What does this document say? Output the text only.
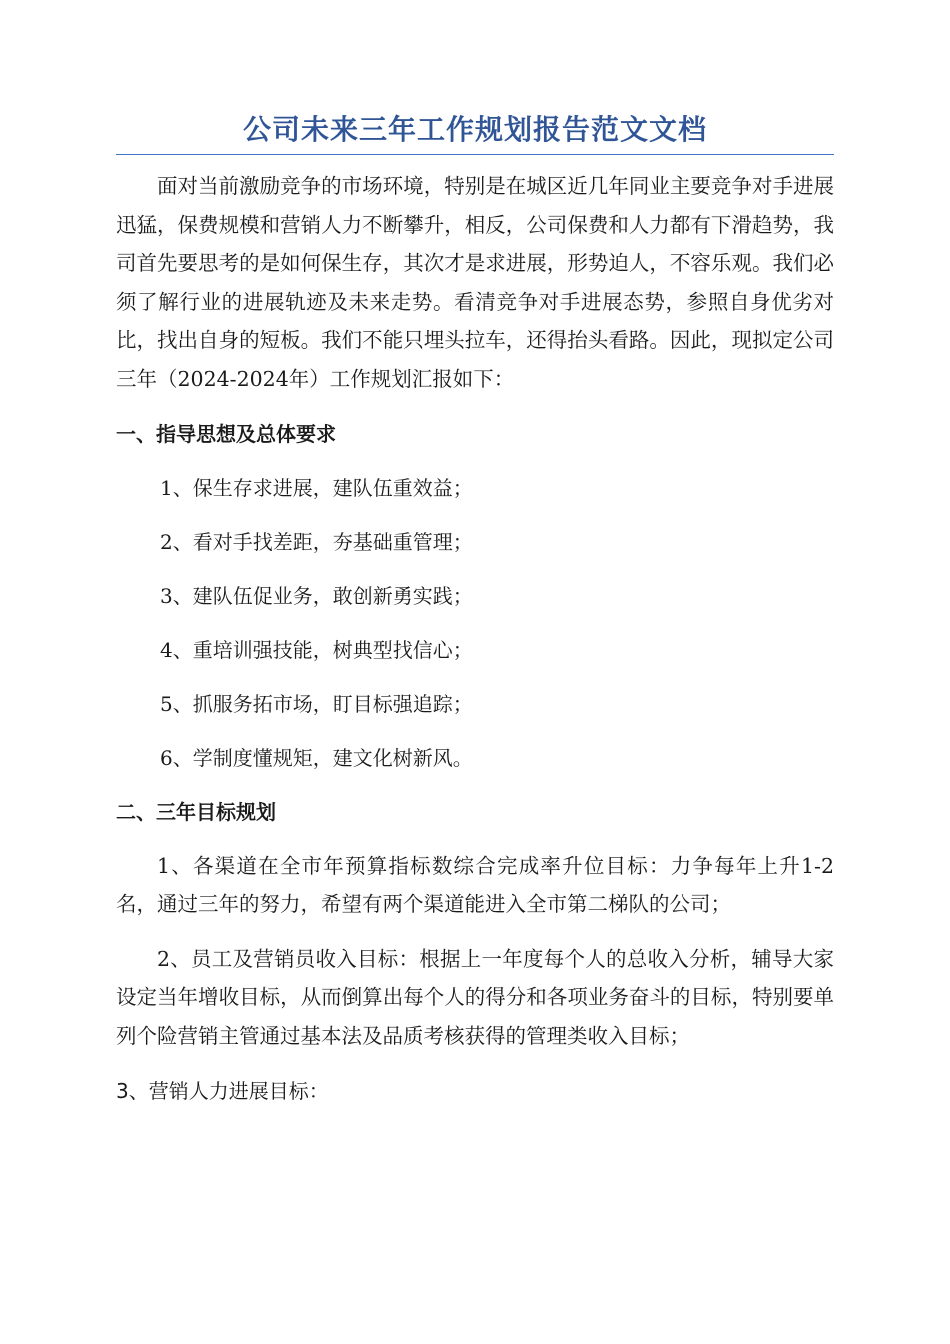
公司未来三年工作规划报告范文文档

面对当前激励竞争的市场环境，特别是在城区近几年同业主要竞争对手进展迅猛，保费规模和营销人力不断攀升，相反，公司保费和人力都有下滑趋势，我司首先要思考的是如何保生存，其次才是求进展，形势迫人，不容乐观。我们必须了解行业的进展轨迹及未来走势。看清竞争对手进展态势，参照自身优劣对比，找出自身的短板。我们不能只埋头拉车，还得抬头看路。因此，现拟定公司三年（2024-2024年）工作规划汇报如下：

一、指导思想及总体要求

1、保生存求进展，建队伍重效益；

2、看对手找差距，夯基础重管理；

3、建队伍促业务，敢创新勇实践；

4、重培训强技能，树典型找信心；

5、抓服务拓市场，盯目标强追踪；

6、学制度懂规矩，建文化树新风。

二、三年目标规划

1、各渠道在全市年预算指标数综合完成率升位目标：力争每年上升1-2名，通过三年的努力，希望有两个渠道能进入全市第二梯队的公司；

2、员工及营销员收入目标：根据上一年度每个人的总收入分析，辅导大家设定当年增收目标，从而倒算出每个人的得分和各项业务奋斗的目标，特别要单列个险营销主管通过基本法及品质考核获得的管理类收入目标；

3、营销人力进展目标：
